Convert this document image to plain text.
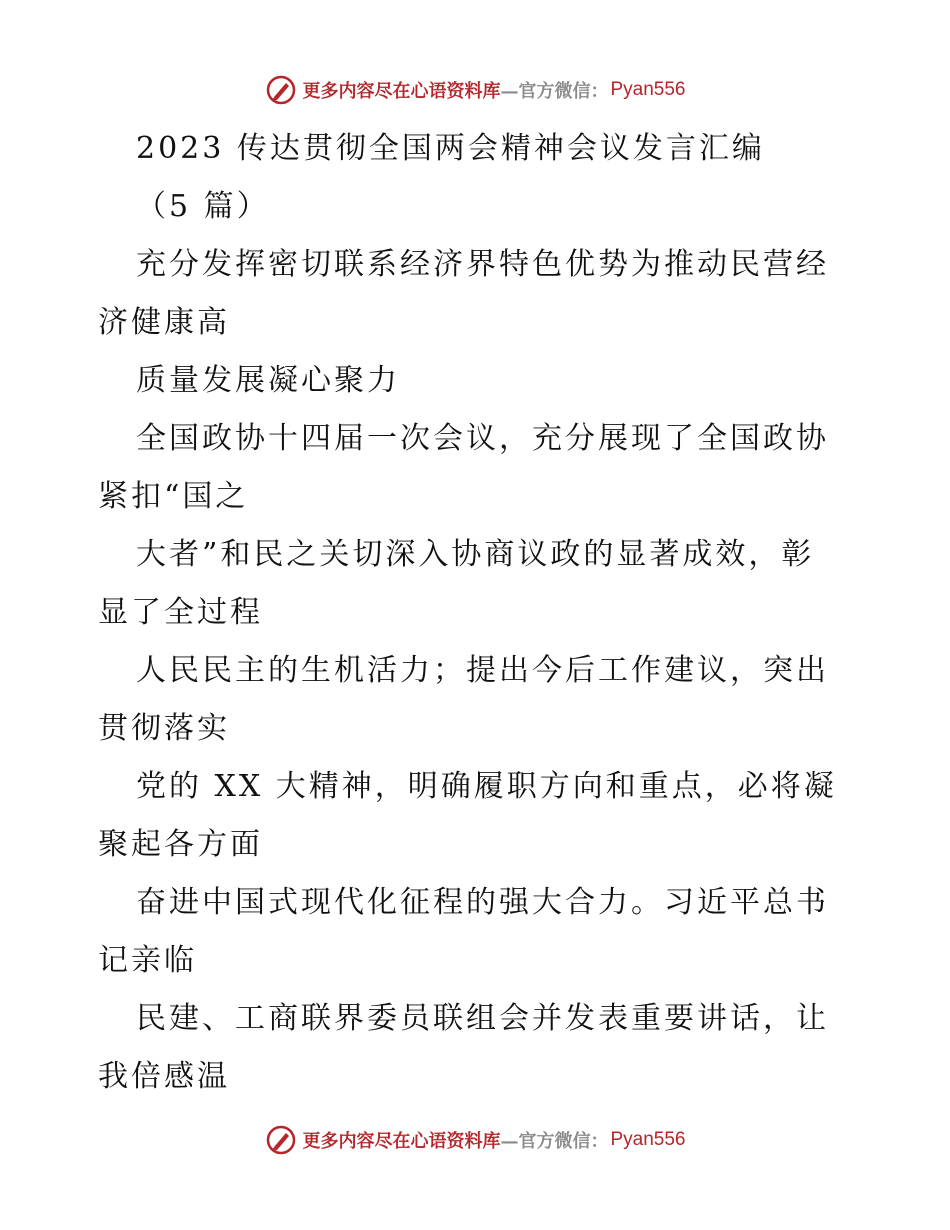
更多内容尽在心语资料库 —官方微信： Pyan556
2023 传达贯彻全国两会精神会议发言汇编
（5 篇）
充分发挥密切联系经济界特色优势为推动民营经
济健康高
质量发展凝心聚力
全国政协十四届一次会议，充分展现了全国政协
紧扣“国之
大者”和民之关切深入协商议政的显著成效，彰
显了全过程
人民民主的生机活力；提出今后工作建议，突出
贯彻落实
党的 XX 大精神，明确履职方向和重点，必将凝
聚起各方面
奋进中国式现代化征程的强大合力。习近平总书
记亲临
民建、工商联界委员联组会并发表重要讲话，让
我倍感温
更多内容尽在心语资料库 —官方微信： Pyan556
